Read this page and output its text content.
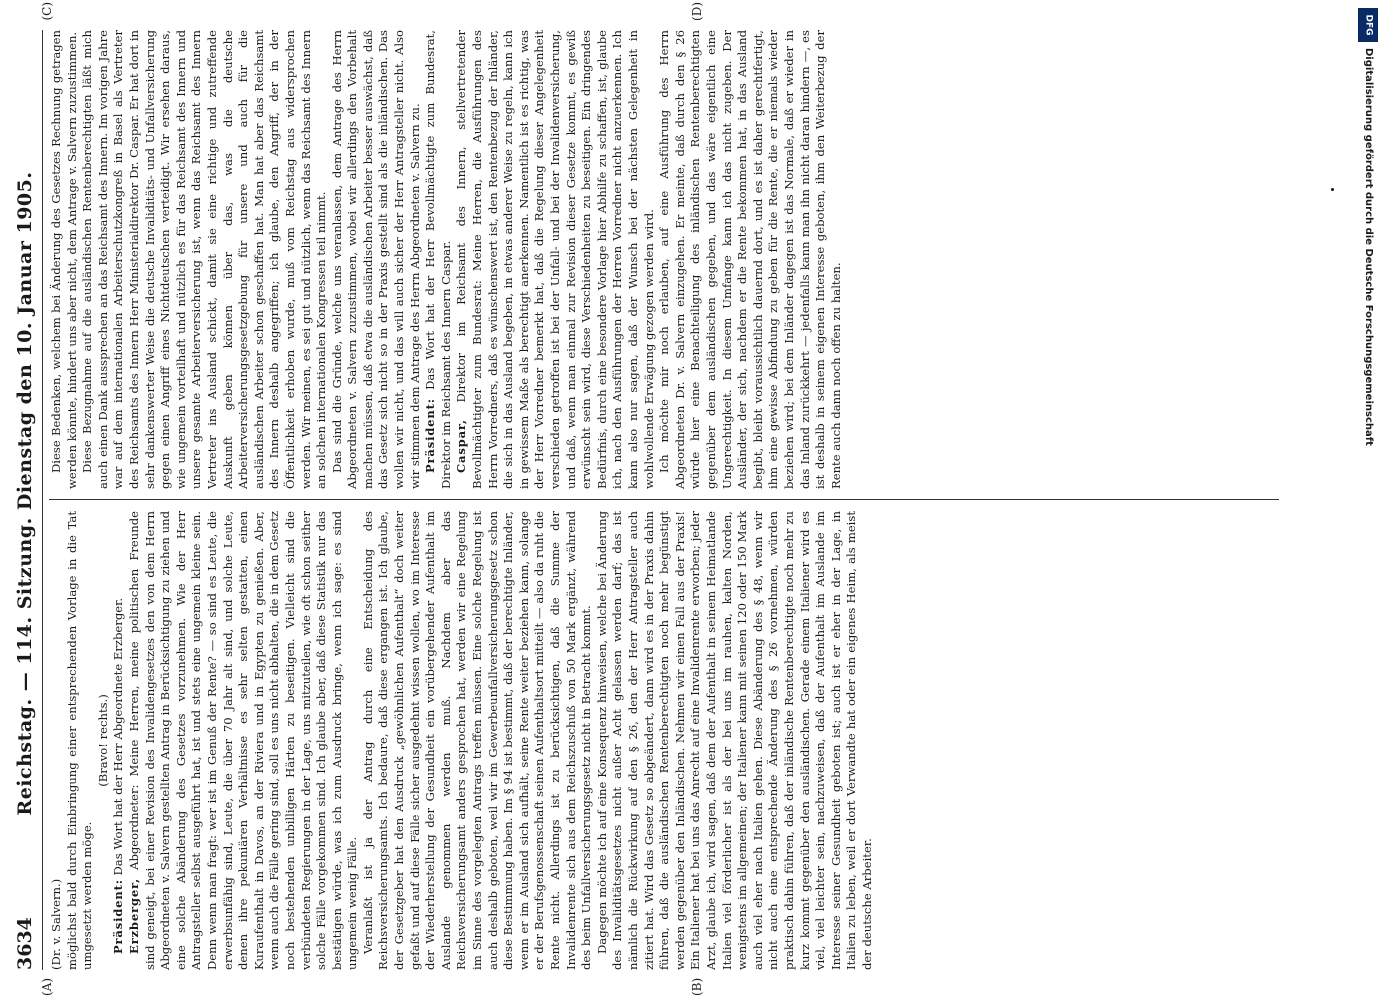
3634
Reichstag. — 114. Sitzung. Dienstag den 10. Januar 1905.

(Dr. v. Salvern.) möglichst bald durch Einbringung einer entsprechenden Vorlage in die Tat umgesetzt werden möge.

(Bravo! rechts.)

Präsident: Das Wort hat der Herr Abgeordnete Erzberger.

Erzberger, Abgeordneter: Meine Herren, meine politischen Freunde sind geneigt, bei einer Revision des Invalidengesetzes den von dem Herrn Abgeordneten v. Salvern gestellten Antrag in Berücksichtigung zu ziehen und eine solche Abänderung des Gesetzes vorzunehmen. Wie der Herr Antragsteller selbst ausgeführt hat, ist und stets eine ungemein kleine sein. Denn wenn man fragt: wer ist im Genuß der Rente? — so sind es Leute, die erwerbsunfähig sind, Leute, die über 70 Jahr alt sind, und solche Leute, denen ihre pekuniären Verhältnisse es sehr selten gestatten, einen Kuraufenthalt in Davos, an der Riviera und in Egypten zu genießen. Aber, wenn auch die Fälle gering sind, soll es uns nicht abhalten, die in dem Gesetz noch bestehenden unbilligen Härten zu beseitigen. Vielleicht sind die verbündeten Regierungen in der Lage, uns mitzuteilen, wie oft schon seither solche Fälle vorgekommen sind. Ich glaube aber, daß diese Statistik nur das bestätigen würde, was ich zum Ausdruck bringe, wenn ich sage: es sind ungemein wenig Fälle. Veranlaßt ist ja der Antrag durch eine Entscheidung des Reichsversicherungsamts. Ich bedaure, daß diese ergangen ist. Ich glaube, der Gesetzgeber hat den Ausdruck „gewöhnlichen Aufenthalt“ doch weiter gefaßt und auf diese Fälle sicher ausgedehnt wissen wollen, wo im Interesse der Wiederherstellung der Gesundheit ein vorübergehender Aufenthalt im Auslande genommen werden muß. Nachdem aber das Reichsversicherungsamt anders gesprochen hat, werden wir eine Regelung im Sinne des vorgelegten Antrags treffen müssen. Eine solche Regelung ist auch deshalb geboten, weil wir im Gewerbeunfallversicherungsgesetz schon diese Bestimmung haben. Im § 94 ist bestimmt, daß der berechtigte Inländer, wenn er im Ausland sich aufhält, seine Rente weiter beziehen kann, solange er der Berufsgenossenschaft seinen Aufenthaltsort mitteilt — also da ruht die Rente nicht. Allerdings ist zu berücksichtigen, daß die Summe der Invalidenrente sich aus dem Reichszuschuß von 50 Mark ergänzt, während des beim Unfallversicherungsgesetz nicht in Betracht kommt. Dagegen möchte ich auf eine Konsequenz hinweisen, welche bei Änderung des Invaliditätsgesetzes nicht außer Acht gelassen werden darf; das ist nämlich die Rückwirkung auf den § 26, den der Herr Antragsteller auch zitiert hat. Wird das Gesetz so abgeändert, dann wird es in der Praxis dahin führen, daß die ausländischen Rentenberechtigten noch mehr begünstigt werden gegenüber den Inländischen. Nehmen wir einen Fall aus der Praxis! Ein Italiener hat bei uns das Anrecht auf eine Invalidenrente erworben; jeder Arzt, glaube ich, wird sagen, daß dem der Aufenthalt in seinem Heimatlande Italien viel förderlicher ist als der bei uns im rauhen, kalten Norden, wenigstens im allgemeinen; der Italiener kann mit seinen 120 oder 150 Mark auch viel eher nach Italien gehen. Diese Abänderung des § 48, wenn wir nicht auch eine entsprechende Änderung des § 26 vornehmen, würden praktisch dahin führen, daß der inländische Rentenberechtigte noch mehr zu kurz kommt gegenüber den ausländischen. Gerade einem Italiener wird es viel, viel leichter sein, nachzuweisen, daß der Aufenthalt im Auslande im Interesse seiner Gesundheit geboten ist; auch ist er eher in der Lage, in Italien zu leben, weil er dort Verwandte hat oder ein eigenes Heim, als meist der deutsche Arbeiter.

Diese Bedenken, welchem bei Änderung des Gesetzes Rechnung getragen werden könnte, hindert uns aber nicht, dem Antrage v. Salvern zuzustimmen. Diese Bezugnahme auf die ausländischen Rentenberechtigten läßt mich auch einen Dank aussprechen an das Reichsamt des Innern. Im vorigen Jahre war auf dem internationalen Arbeiterschutzkongreß in Basel als Vertreter des Reichsamts des Innern Herr Ministerialdirektor Dr. Caspar. Er hat dort in sehr dankenswerter Weise die deutsche Invaliditäts- und Unfallversicherung gegen einen Angriff eines Nichtdeutschen verteidigt. Wir ersehen daraus, wie ungemein vorteilhaft und nützlich es für das Reichsamt des Innern und unsere gesamte Arbeiterversicherung ist, wenn das Reichsamt des Innern Vertreter ins Ausland schickt, damit sie eine richtige und zutreffende Auskunft geben können über das, was die deutsche Arbeiterversicherungsgesetzgebung für unsere und auch für die ausländischen Arbeiter schon geschaffen hat. Man hat aber das Reichsamt des Innern deshalb angegriffen; ich glaube, den Angriff, der in der Öffentlichkeit erhoben wurde, muß vom Reichstag aus widersprochen werden. Wir meinen, es sei gut und nützlich, wenn das Reichsamt des Innern an solchen internationalen Kongressen teil nimmt. Das sind die Gründe, welche uns veranlassen, dem Antrage des Herrn Abgeordneten v. Salvern zuzustimmen, wobei wir allerdings den Vorbehalt machen müssen, daß etwa die ausländischen Arbeiter besser auswächst, daß das Gesetz sich nicht so in der Praxis gestellt sind als die inländischen. Das wollen wir nicht, und das will auch sicher der Herr Antragsteller nicht. Also wir stimmen dem Antrage des Herrn Abgeordneten v. Salvern zu. Präsident: Das Wort hat der Herr Bevollmächtigte zum Bundesrat, Direktor im Reichsamt des Innern Caspar. Caspar, Direktor im Reichsamt des Innern, stellvertretender Bevollmächtigter zum Bundesrat: Meine Herren, die Ausführungen des Herrn Vorredners, daß es wünschenswert ist, den Rentenbezug der Inländer, die sich in das Ausland begeben, in etwas anderer Weise zu regeln, kann ich in gewissem Maße als berechtigt anerkennen. Namentlich ist es richtig, was der Herr Vorredner bemerkt hat, daß die Regelung dieser Angelegenheit verschieden getroffen ist bei der Unfall- und bei der Invalidenversicherung, und daß, wenn man einmal zur Revision dieser Gesetze kommt, es gewiß erwünscht sein wird, diese Verschiedenheiten zu beseitigen. Ein dringendes Bedürfnis, durch eine besondere Vorlage hier Abhilfe zu schaffen, ist, glaube ich, nach den Ausführungen der Herren Vorredner nicht anzuerkennen. Ich kann also nur sagen, daß der Wunsch bei der nächsten Gelegenheit in wohlwollende Erwägung gezogen werden wird. Ich möchte mir noch erlauben, auf eine Ausführung des Herrn Abgeordneten Dr. v. Salvern einzugehen. Er meinte, daß durch den § 26 würde hier eine Benachteiligung des inländischen Rentenberechtigten gegenüber dem ausländischen gegeben, und das wäre eigentlich eine Ungerechtigkeit. In diesem Umfange kann ich das nicht zugeben. Der Ausländer, der sich, nachdem er die Rente bekommen hat, in das Ausland begibt, bleibt voraussichtlich dauernd dort, und es ist daher gerechtfertigt, ihm eine gewisse Abfindung zu geben für die Rente, die er niemals wieder beziehen wird; bei dem Inländer dagegen ist das Normale, daß er wieder in das Inland zurückkehrt — jedenfalls kann man ihn nicht daran hindern —, es ist deshalb in seinem eigenen Interesse geboten, ihm den Weiterbezug der Rente auch dann noch offen zu halten.

(A)	(B)
(C)	(D)
DFG
Digitalisierung gefördert durch die Deutsche Forschungsgemeinschaft
